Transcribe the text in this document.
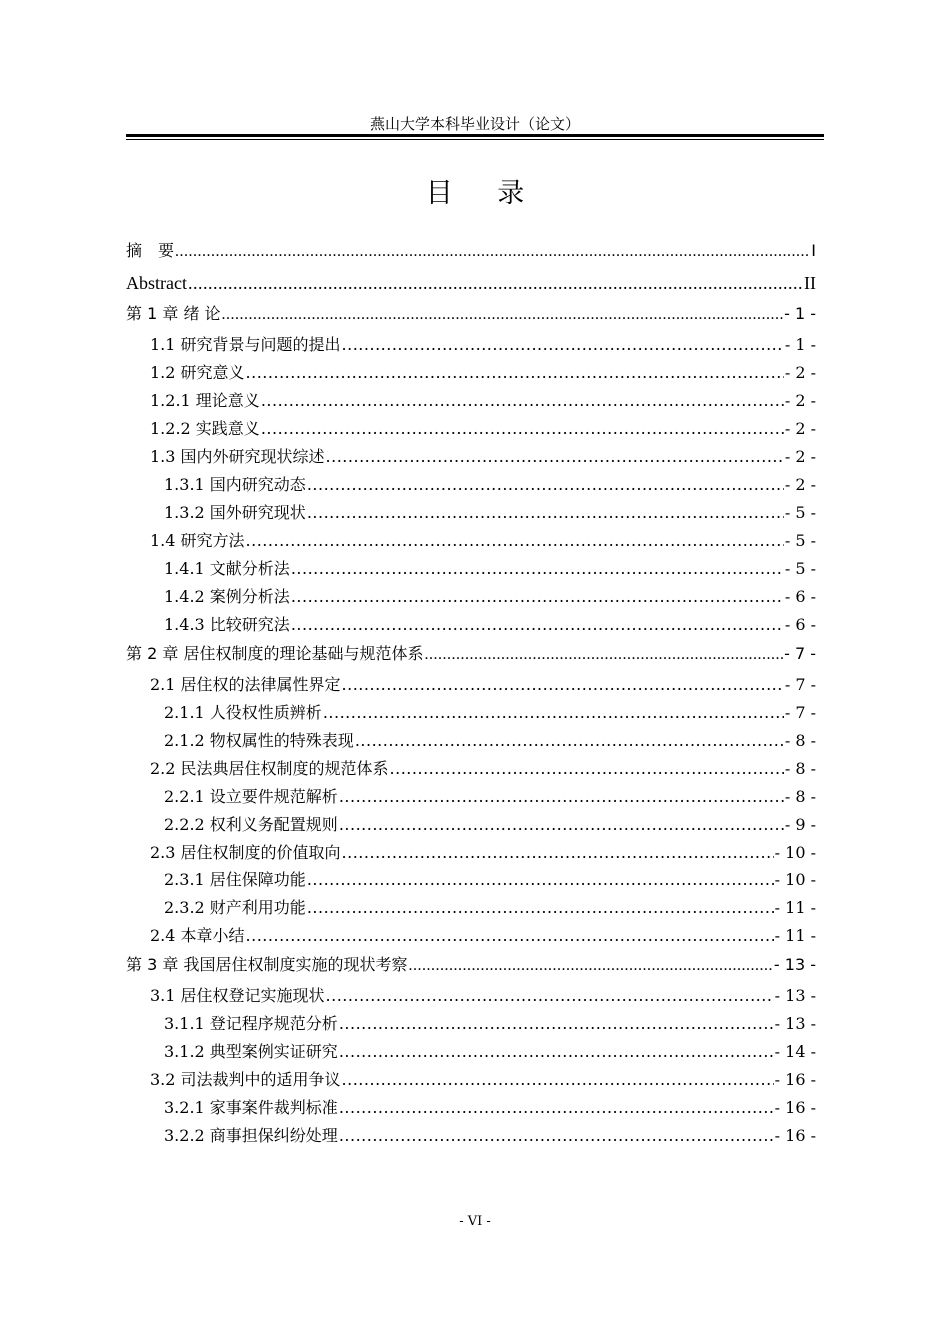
燕山大学本科毕业设计（论文）
目 录
摘　要 .....	I
Abstract .....	II
第 1 章 绪 论 .....	- 1 -
1.1 研究背景与问题的提出 .....	- 1 -
1.2 研究意义 .....	- 2 -
1.2.1 理论意义 .....	- 2 -
1.2.2 实践意义 .....	- 2 -
1.3 国内外研究现状综述 .....	- 2 -
1.3.1 国内研究动态 .....	- 2 -
1.3.2 国外研究现状 .....	- 5 -
1.4 研究方法 .....	- 5 -
1.4.1 文献分析法 .....	- 5 -
1.4.2 案例分析法 .....	- 6 -
1.4.3 比较研究法 .....	- 6 -
第 2 章 居住权制度的理论基础与规范体系 .....	- 7 -
2.1 居住权的法律属性界定 .....	- 7 -
2.1.1 人役权性质辨析 .....	- 7 -
2.1.2 物权属性的特殊表现 .....	- 8 -
2.2 民法典居住权制度的规范体系 .....	- 8 -
2.2.1 设立要件规范解析 .....	- 8 -
2.2.2 权利义务配置规则 .....	- 9 -
2.3 居住权制度的价值取向 .....	- 10 -
2.3.1 居住保障功能 .....	- 10 -
2.3.2 财产利用功能 .....	- 11 -
2.4 本章小结 .....	- 11 -
第 3 章 我国居住权制度实施的现状考察 .....	- 13 -
3.1 居住权登记实施现状 .....	- 13 -
3.1.1 登记程序规范分析 .....	- 13 -
3.1.2 典型案例实证研究 .....	- 14 -
3.2 司法裁判中的适用争议 .....	- 16 -
3.2.1 家事案件裁判标准 .....	- 16 -
3.2.2 商事担保纠纷处理 .....	- 16 -
- VI -
